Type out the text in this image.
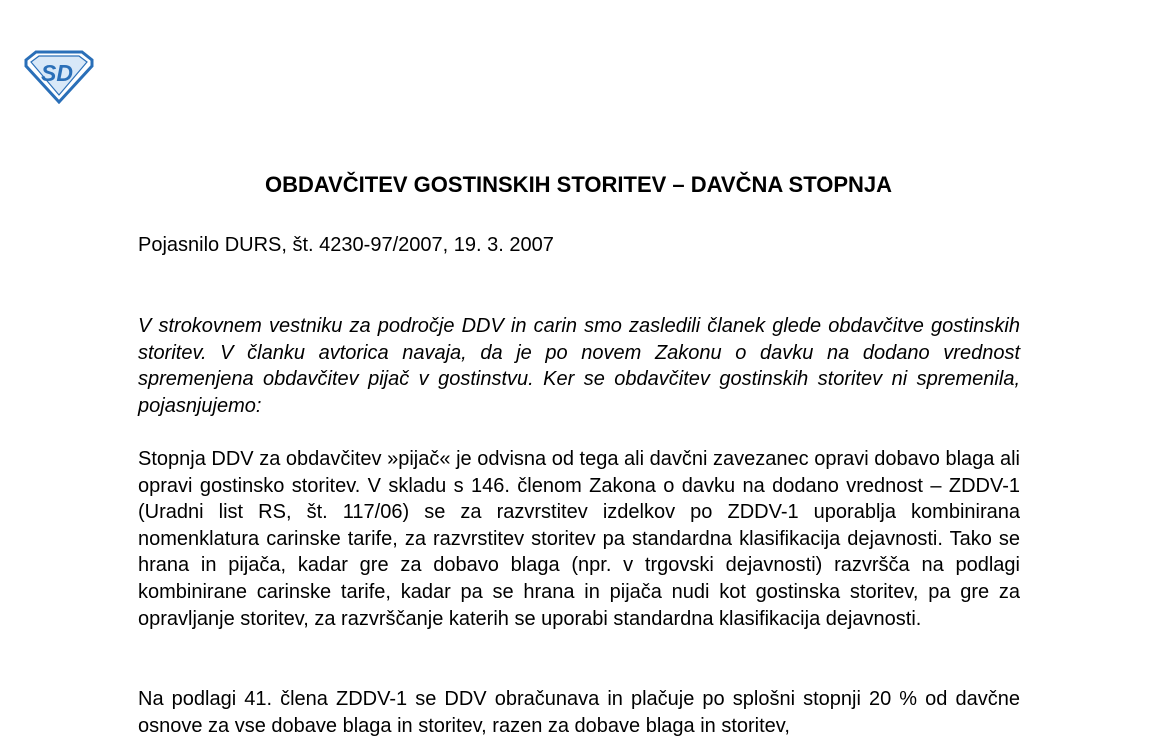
SD
OBDAVČITEV GOSTINSKIH STORITEV – DAVČNA STOPNJA
Pojasnilo DURS, št. 4230-97/2007, 19. 3. 2007

V strokovnem vestniku za področje DDV in carin smo zasledili članek glede obdavčitve gostinskih storitev. V članku avtorica navaja, da je po novem Zakonu o davku na dodano vrednost spremenjena obdavčitev pijač v gostinstvu. Ker se obdavčitev gostinskih storitev ni spremenila, pojasnjujemo:

Stopnja DDV za obdavčitev »pijač« je odvisna od tega ali davčni zavezanec opravi dobavo blaga ali opravi gostinsko storitev. V skladu s 146. členom Zakona o davku na dodano vrednost – ZDDV-1 (Uradni list RS, št. 117/06) se za razvrstitev izdelkov po ZDDV-1 uporablja kombinirana nomenklatura carinske tarife, za razvrstitev storitev pa standardna klasifikacija dejavnosti. Tako se hrana in pijača, kadar gre za dobavo blaga (npr. v trgovski dejavnosti) razvršča na podlagi kombinirane carinske tarife, kadar pa se hrana in pijača nudi kot gostinska storitev, pa gre za opravljanje storitev, za razvrščanje katerih se uporabi standardna klasifikacija dejavnosti.

Na podlagi 41. člena ZDDV-1 se DDV obračunava in plačuje po splošni stopnji 20 % od davčne osnove za vse dobave blaga in storitev, razen za dobave blaga in storitev,
